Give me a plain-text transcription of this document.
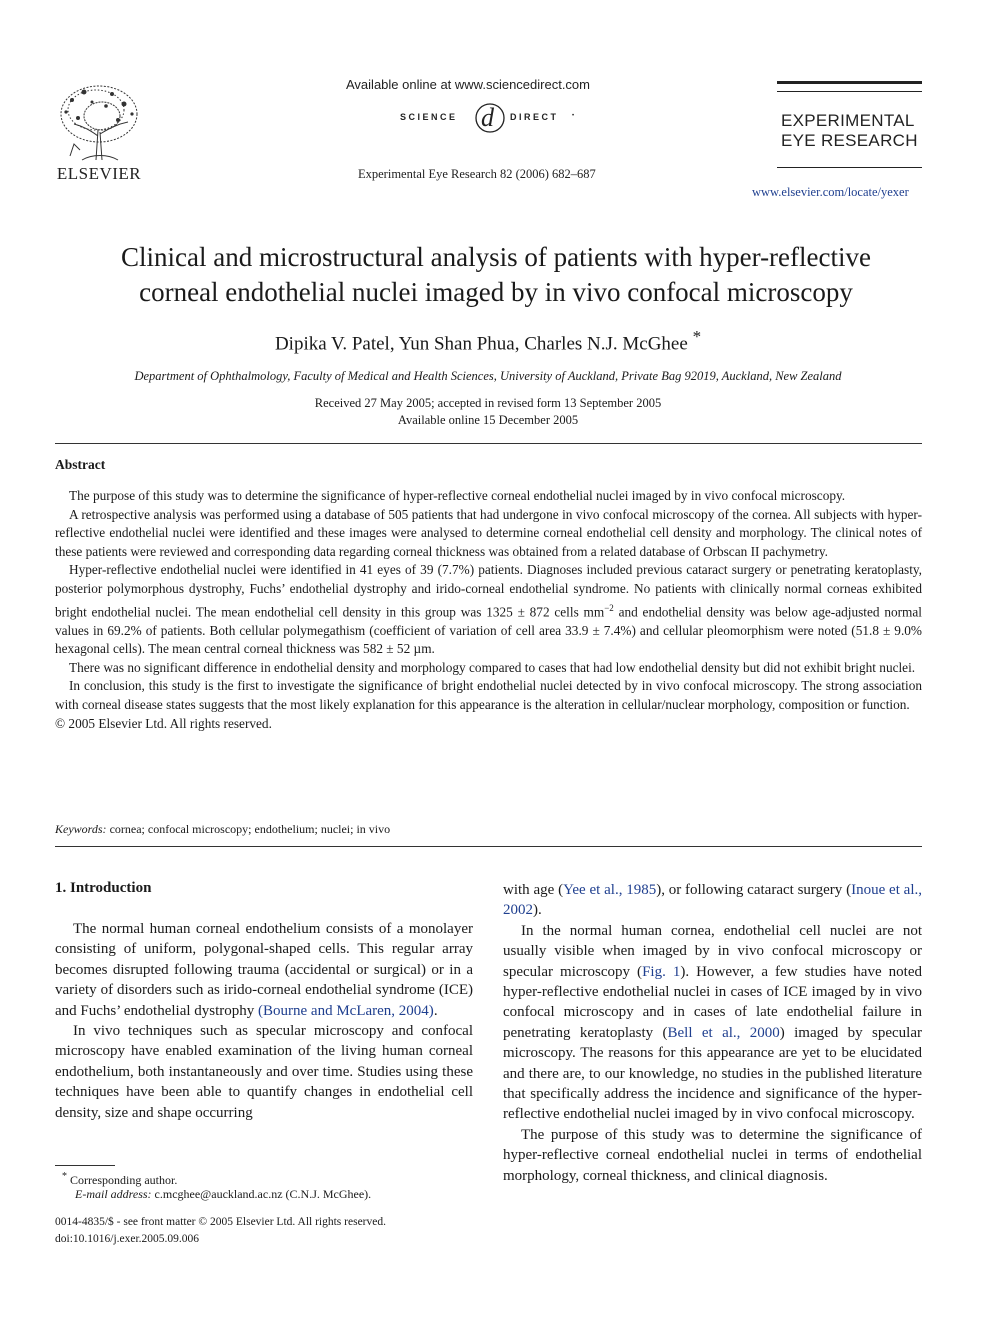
ELSEVIER
Available online at www.sciencedirect.com
SCIENCE d DIRECT •
Experimental Eye Research 82 (2006) 682–687
EXPERIMENTAL
EYE RESEARCH
www.elsevier.com/locate/yexer
Clinical and microstructural analysis of patients with hyper-reflective
corneal endothelial nuclei imaged by in vivo confocal microscopy
Dipika V. Patel, Yun Shan Phua, Charles N.J. McGhee *
Department of Ophthalmology, Faculty of Medical and Health Sciences, University of Auckland, Private Bag 92019, Auckland, New Zealand
Received 27 May 2005; accepted in revised form 13 September 2005
Available online 15 December 2005
Abstract

The purpose of this study was to determine the significance of hyper-reflective corneal endothelial nuclei imaged by in vivo confocal microscopy.

A retrospective analysis was performed using a database of 505 patients that had undergone in vivo confocal microscopy of the cornea. All subjects with hyper-reflective endothelial nuclei were identified and these images were analysed to determine corneal endothelial cell density and morphology. The clinical notes of these patients were reviewed and corresponding data regarding corneal thickness was obtained from a related database of Orbscan II pachymetry.

Hyper-reflective endothelial nuclei were identified in 41 eyes of 39 (7.7%) patients. Diagnoses included previous cataract surgery or penetrating keratoplasty, posterior polymorphous dystrophy, Fuchs’ endothelial dystrophy and irido-corneal endothelial syndrome. No patients with clinically normal corneas exhibited bright endothelial nuclei. The mean endothelial cell density in this group was 1325 ± 872 cells $mm^{-2}$ and endothelial density was below age-adjusted normal values in 69.2% of patients. Both cellular polymegathism (coefficient of variation of cell area 33.9 ± 7.4%) and cellular pleomorphism were noted (51.8 ± 9.0% hexagonal cells). The mean central corneal thickness was 582 ± 52 µm.

There was no significant difference in endothelial density and morphology compared to cases that had low endothelial density but did not exhibit bright nuclei.

In conclusion, this study is the first to investigate the significance of bright endothelial nuclei detected by in vivo confocal microscopy. The strong association with corneal disease states suggests that the most likely explanation for this appearance is the alteration in cellular/nuclear morphology, composition or function.

© 2005 Elsevier Ltd. All rights reserved.

Keywords: cornea; confocal microscopy; endothelium; nuclei; in vivo
1. Introduction

The normal human corneal endothelium consists of a monolayer consisting of uniform, polygonal-shaped cells. This regular array becomes disrupted following trauma (accidental or surgical) or in a variety of disorders such as irido-corneal endothelial syndrome (ICE) and Fuchs’ endothelial dystrophy (Bourne and McLaren, 2004).

In vivo techniques such as specular microscopy and confocal microscopy have enabled examination of the living human corneal endothelium, both instantaneously and over time. Studies using these techniques have been able to quantify changes in endothelial cell density, size and shape occurring

with age (Yee et al., 1985), or following cataract surgery (Inoue et al., 2002).

In the normal human cornea, endothelial cell nuclei are not usually visible when imaged by in vivo confocal microscopy or specular microscopy (Fig. 1). However, a few studies have noted hyper-reflective endothelial nuclei in cases of ICE imaged by in vivo confocal microscopy and in cases of late endothelial failure in penetrating keratoplasty (Bell et al., 2000) imaged by specular microscopy. The reasons for this appearance are yet to be elucidated and there are, to our knowledge, no studies in the published literature that specifically address the incidence and significance of the hyper-reflective endothelial nuclei imaged by in vivo confocal microscopy.

The purpose of this study was to determine the significance of hyper-reflective corneal endothelial nuclei in terms of endothelial morphology, corneal thickness, and clinical diagnosis.

* Corresponding author.
E-mail address: c.mcghee@auckland.ac.nz (C.N.J. McGhee).
0014-4835/$ - see front matter © 2005 Elsevier Ltd. All rights reserved.
doi:10.1016/j.exer.2005.09.006
